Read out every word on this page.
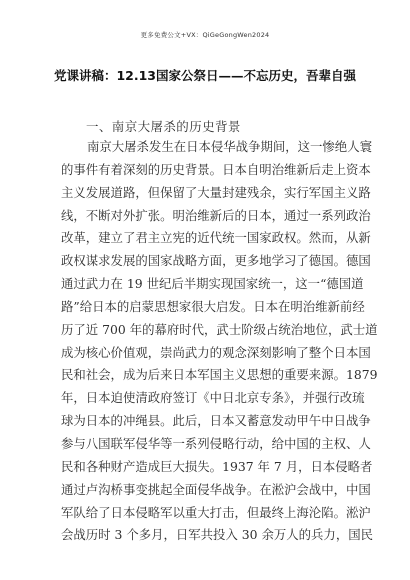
更多免费公文+VX：QiGeGongWen2024
党课讲稿：12.13国家公祭日——不忘历史，吾辈自强
一、南京大屠杀的历史背景
南京大屠杀发生在日本侵华战争期间，这一惨绝人寰
的事件有着深刻的历史背景。日本自明治维新后走上资本
主义发展道路，但保留了大量封建残余，实行军国主义路
线，不断对外扩张。明治维新后的日本，通过一系列政治
改革，建立了君主立宪的近代统一国家政权。然而，从新
政权谋求发展的国家战略方面，更多地学习了德国。德国
通过武力在 19 世纪后半期实现国家统一，这一“德国道
路”给日本的启蒙思想家很大启发。日本在明治维新前经
历了近 700 年的幕府时代，武士阶级占统治地位，武士道
成为核心价值观，崇尚武力的观念深刻影响了整个日本国
民和社会，成为后来日本军国主义思想的重要来源。1879
年，日本迫使清政府签订《中日北京专条》，并强行改琉
球为日本的冲绳县。此后，日本又蓄意发动甲午中日战争
参与八国联军侵华等一系列侵略行动，给中国的主权、人
民和各种财产造成巨大损失。1937 年 7 月，日本侵略者
通过卢沟桥事变挑起全面侵华战争。在淞沪会战中，中国
军队给了日本侵略军以重大打击，但最终上海沦陷。淞沪
会战历时 3 个多月，日军共投入 30 余万人的兵力，国民
